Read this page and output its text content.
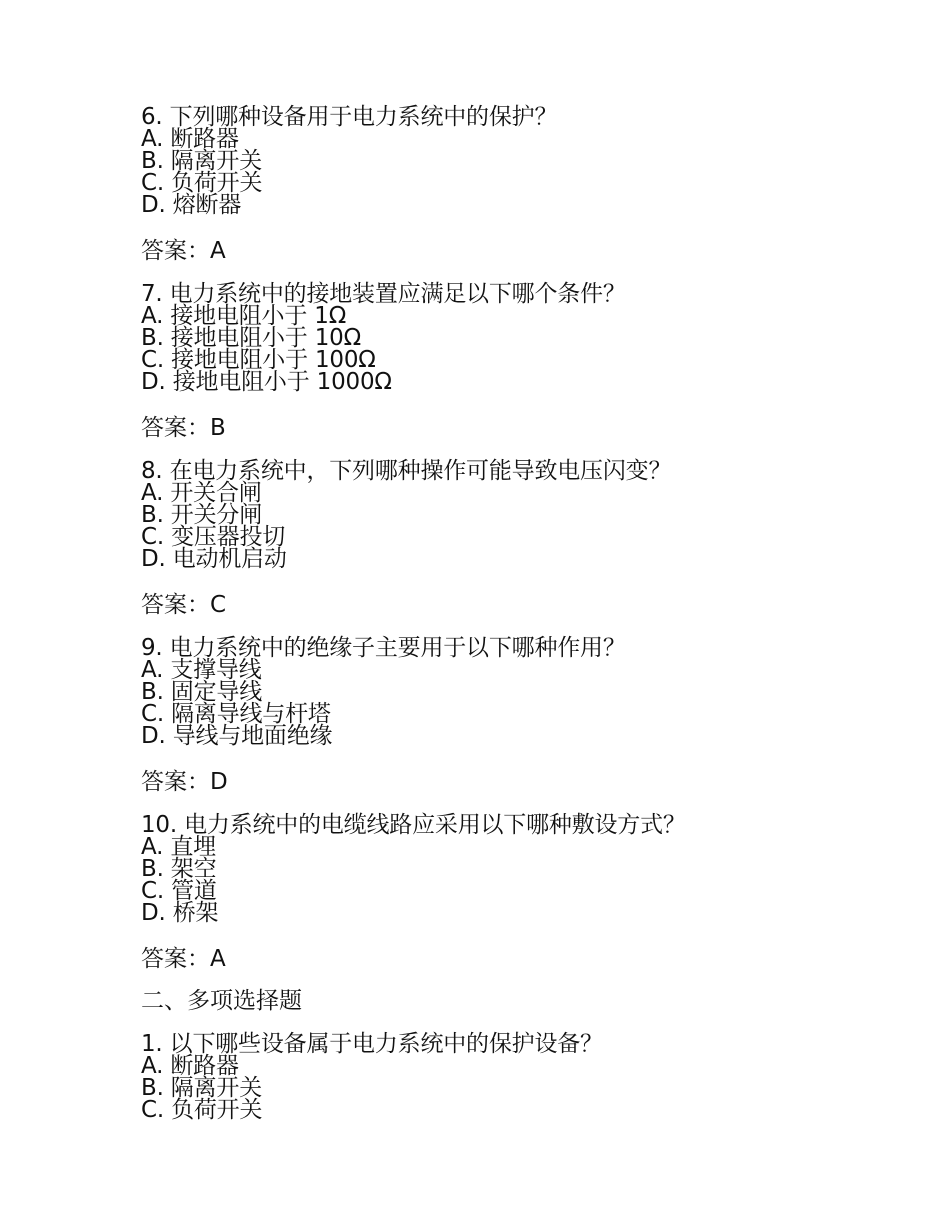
6. 下列哪种设备用于电力系统中的保护？
A. 断路器
B. 隔离开关
C. 负荷开关
D. 熔断器
答案：A
7. 电力系统中的接地装置应满足以下哪个条件？
A. 接地电阻小于 1Ω
B. 接地电阻小于 10Ω
C. 接地电阻小于 100Ω
D. 接地电阻小于 1000Ω
答案：B
8. 在电力系统中，下列哪种操作可能导致电压闪变？
A. 开关合闸
B. 开关分闸
C. 变压器投切
D. 电动机启动
答案：C
9. 电力系统中的绝缘子主要用于以下哪种作用？
A. 支撑导线
B. 固定导线
C. 隔离导线与杆塔
D. 导线与地面绝缘
答案：D
10. 电力系统中的电缆线路应采用以下哪种敷设方式？
A. 直埋
B. 架空
C. 管道
D. 桥架
答案：A
二、多项选择题
1. 以下哪些设备属于电力系统中的保护设备？
A. 断路器
B. 隔离开关
C. 负荷开关
